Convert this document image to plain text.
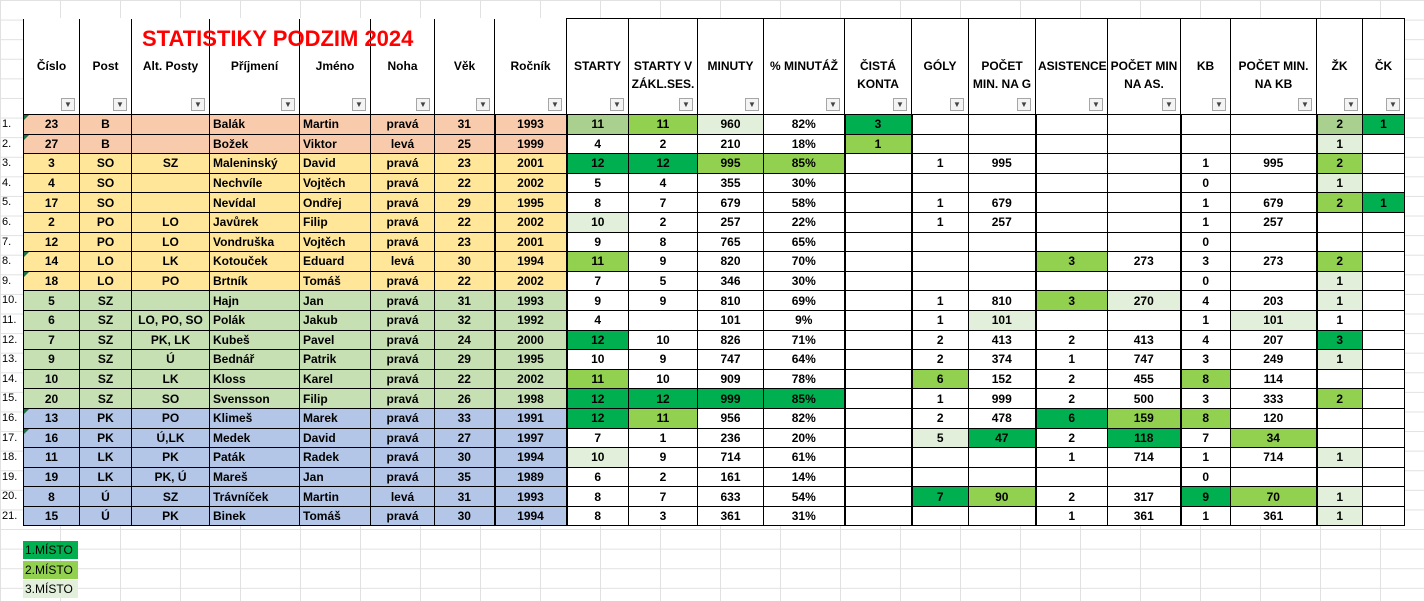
1.
2.
3.
4.
5.
6.
7.
8.
9.
10.
11.
12.
13.
14.
15.
16.
17.
18.
19.
20.
21.
Číslo
▼	Post
▼	Alt. Posty
▼	Příjmení
▼	Jméno
▼	Noha
▼	Věk
▼	Ročník
▼	STARTY
▼	STARTY V ZÁKL.SES.
▼	MINUTY
▼	% MINUTÁŽ
▼	ČISTÁ KONTA
▼	GÓLY
▼	POČET MIN. NA G
▼	ASISTENCE
▼	POČET MIN NA AS.
▼	KB
▼	POČET MIN. NA KB
▼	ŽK
▼	ČK
▼

23	B		Balák	Martin	pravá	31	1993	11	11	960	82%	3							2	1
27	B		Božek	Viktor	levá	25	1999	4	2	210	18%	1							1	
3	SO	SZ	Maleninský	David	pravá	23	2001	12	12	995	85%		1	995			1	995	2	
4	SO		Nechvíle	Vojtěch	pravá	22	2002	5	4	355	30%						0		1	
17	SO		Nevídal	Ondřej	pravá	29	1995	8	7	679	58%		1	679			1	679	2	1
2	PO	LO	Javůrek	Filip	pravá	22	2002	10	2	257	22%		1	257			1	257		
12	PO	LO	Vondruška	Vojtěch	pravá	23	2001	9	8	765	65%						0			
14	LO	LK	Kotouček	Eduard	levá	30	1994	11	9	820	70%				3	273	3	273	2	
18	LO	PO	Brtník	Tomáš	pravá	22	2002	7	5	346	30%						0		1	
5	SZ		Hajn	Jan	pravá	31	1993	9	9	810	69%		1	810	3	270	4	203	1	
6	SZ	LO, PO, SO	Polák	Jakub	pravá	32	1992	4		101	9%		1	101			1	101	1	
7	SZ	PK, LK	Kubeš	Pavel	pravá	24	2000	12	10	826	71%		2	413	2	413	4	207	3	
9	SZ	Ú	Bednář	Patrik	pravá	29	1995	10	9	747	64%		2	374	1	747	3	249	1	
10	SZ	LK	Kloss	Karel	pravá	22	2002	11	10	909	78%		6	152	2	455	8	114		
20	SZ	SO	Svensson	Filip	pravá	26	1998	12	12	999	85%		1	999	2	500	3	333	2	
13	PK	PO	Klimeš	Marek	pravá	33	1991	12	11	956	82%		2	478	6	159	8	120		
16	PK	Ú,LK	Medek	David	pravá	27	1997	7	1	236	20%		5	47	2	118	7	34		
11	LK	PK	Paták	Radek	pravá	30	1994	10	9	714	61%				1	714	1	714	1	
19	LK	PK, Ú	Mareš	Jan	pravá	35	1989	6	2	161	14%						0			
8	Ú	SZ	Trávníček	Martin	levá	31	1993	8	7	633	54%		7	90	2	317	9	70	1	
15	Ú	PK	Binek	Tomáš	pravá	30	1994	8	3	361	31%				1	361	1	361	1	
1.MÍSTO
2.MÍSTO
3.MÍSTO
STATISTIKY PODZIM 2024
